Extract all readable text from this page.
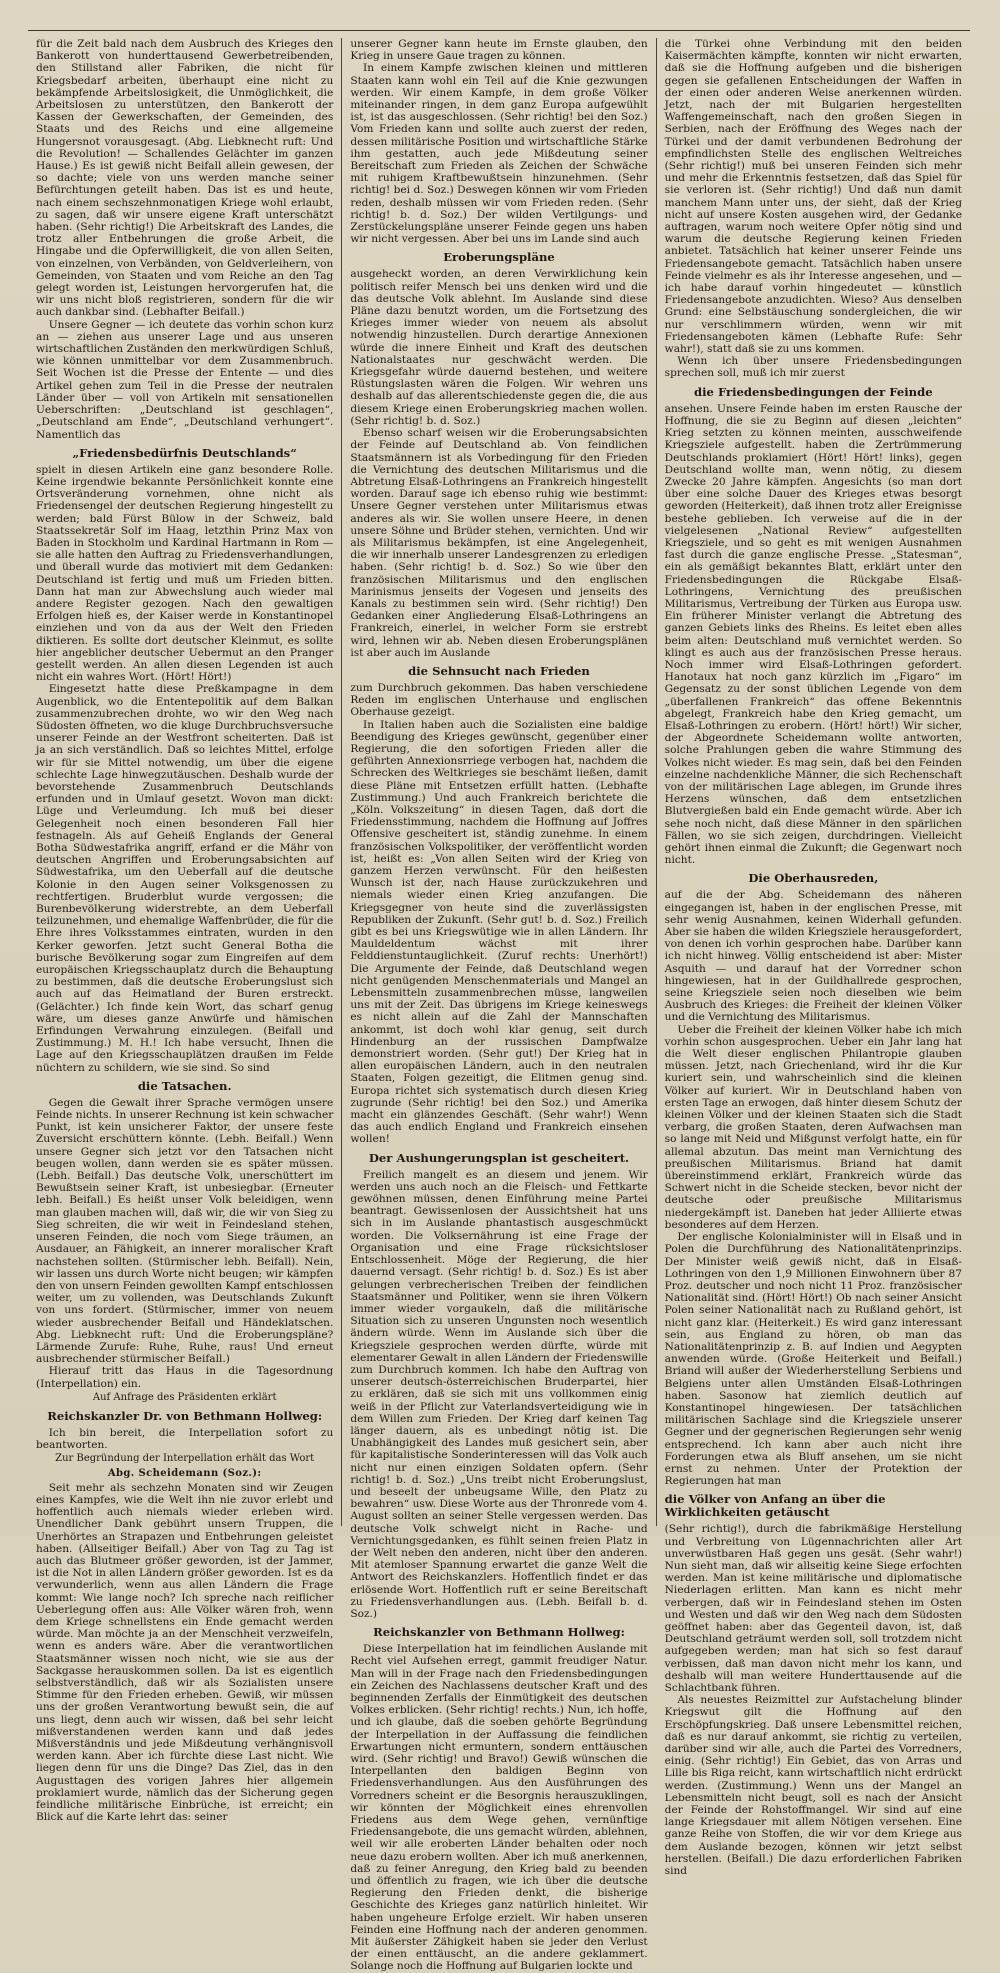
für die Zeit bald nach dem Ausbruch des Krieges den Bankerott von hunderttausend Gewerbetreibenden, den Stillstand aller Fabriken, die nicht für Kriegsbedarf arbeiten, überhaupt eine nicht zu bekämpfende Arbeitslosigkeit, die Unmöglichkeit, die Arbeitslosen zu unterstützen, den Bankerott der Kassen der Gewerkschaften, der Gemeinden, des Staats und des Reichs und eine allgemeine Hungersnot vorausgesagt. (Abg. Liebknecht ruft: Und die Revolution! — Schallendes Gelächter im ganzen Hause.) Es ist gewiß nicht Beifall allein gewesen, der so dachte; viele von uns werden manche seiner Befürchtungen geteilt haben. Das ist es und heute, nach einem sechszehnmonatigen Kriege wohl erlaubt, zu sagen, daß wir unsere eigene Kraft unterschätzt haben. (Sehr richtig!) Die Arbeitskraft des Landes, die trotz aller Entbehrungen die große Arbeit, die Hingabe und die Opferwilligkeit, die von allen Seiten, von einzelnen, von Verbänden, von Geldverleihern, von Gemeinden, von Staaten und vom Reiche an den Tag gelegt worden ist, Leistungen hervorgerufen hat, die wir uns nicht bloß registrieren, sondern für die wir auch dankbar sind. (Lebhafter Beifall.)

Unsere Gegner — ich deutete das vorhin schon kurz an — ziehen aus unserer Lage und aus unseren wirtschaftlichen Zuständen den merkwürdigen Schluß, wie können unmittelbar vor dem Zusammenbruch. Seit Wochen ist die Presse der Entente — und dies Artikel gehen zum Teil in die Presse der neutralen Länder über — voll von Artikeln mit sensationellen Ueberschriften: „Deutschland ist geschlagen“, „Deutschland am Ende“, „Deutschland verhungert“. Namentlich das

„Friedensbedürfnis Deutschlands“

spielt in diesen Artikeln eine ganz besondere Rolle. Keine irgendwie bekannte Persönlichkeit konnte eine Ortsveränderung vornehmen, ohne nicht als Friedensengel der deutschen Regierung hingestellt zu werden; bald Fürst Bülow in der Schweiz, bald Staatssekretär Solf im Haag, letzthin Prinz Max von Baden in Stockholm und Kardinal Hartmann in Rom — sie alle hatten den Auftrag zu Friedensverhandlungen, und überall wurde das motiviert mit dem Gedanken: Deutschland ist fertig und muß um Frieden bitten. Dann hat man zur Abwechslung auch wieder mal andere Register gezogen. Nach den gewaltigen Erfolgen hieß es, der Kaiser werde in Konstantinopel einziehen und von da aus der Welt den Frieden diktieren. Es sollte dort deutscher Kleinmut, es sollte hier angeblicher deutscher Uebermut an den Pranger gestellt werden. An allen diesen Legenden ist auch nicht ein wahres Wort. (Hört! Hört!)

Eingesetzt hatte diese Preßkampagne in dem Augenblick, wo die Ententepolitik auf dem Balkan zusammenzubrechen drohte, wo wir den Weg nach Südosten öffneten, wo die kluge Durchbruchsversuche unserer Feinde an der Westfront scheiterten. Daß ist ja an sich verständlich. Daß so leichtes Mittel, erfolge wir für sie Mittel notwendig, um über die eigene schlechte Lage hinwegzutäuschen. Deshalb wurde der bevorstehende Zusammenbruch Deutschlands erfunden und in Umlauf gesetzt. Wovon man dickt: Lüge und Verleumdung. Ich muß bei dieser Gelegenheit noch einen besonderen Fall hier festnageln. Als auf Geheiß Englands der General Botha Südwestafrika angriff, erfand er die Mähr von deutschen Angriffen und Eroberungsabsichten auf Südwestafrika, um den Ueberfall auf die deutsche Kolonie in den Augen seiner Volksgenossen zu rechtfertigen. Bruderblut wurde vergossen; die Burenbevölkerung widerstrebte, an dem Ueberfall teilzunehmen, und ehemalige Waffenbrüder, die für die Ehre ihres Volksstammes eintraten, wurden in den Kerker geworfen. Jetzt sucht General Botha die burische Bevölkerung sogar zum Eingreifen auf dem europäischen Kriegsschauplatz durch die Behauptung zu bestimmen, daß die deutsche Eroberungslust sich auch auf das Heimatland der Buren erstreckt. (Gelächter.) Ich finde kein Wort, das scharf genug wäre, um dieses ganze Anwürfe und hämischen Erfindungen Verwahrung einzulegen. (Beifall und Zustimmung.) M. H.! Ich habe versucht, Ihnen die Lage auf den Kriegsschauplätzen draußen im Felde nüchtern zu schildern, wie sie sind. So sind

die Tatsachen.

Gegen die Gewalt ihrer Sprache vermögen unsere Feinde nichts. In unserer Rechnung ist kein schwacher Punkt, ist kein unsicherer Faktor, der unsere feste Zuversicht erschüttern könnte. (Lebh. Beifall.) Wenn unsere Gegner sich jetzt vor den Tatsachen nicht beugen wollen, dann werden sie es später müssen. (Lebh. Beifall.) Das deutsche Volk, unerschüttert im Bewußtsein seiner Kraft, ist unbesiegbar. (Erneuter lebh. Beifall.) Es heißt unser Volk beleidigen, wenn man glauben machen will, daß wir, die wir von Sieg zu Sieg schreiten, die wir weit in Feindesland stehen, unseren Feinden, die noch vom Siege träumen, an Ausdauer, an Fähigkeit, an innerer moralischer Kraft nachstehen sollten. (Stürmischer lebh. Beifall). Nein, wir lassen uns durch Worte nicht beugen; wir kämpfen den von unsern Feinden gewollten Kampf entschlossen weiter, um zu vollenden, was Deutschlands Zukunft von uns fordert. (Stürmischer, immer von neuem wieder ausbrechender Beifall und Händeklatschen. Abg. Liebknecht ruft: Und die Eroberungspläne? Lärmende Zurufe: Ruhe, Ruhe, raus! Und erneut ausbrechender stürmischer Beifall.)

Hierauf tritt das Haus in die Tagesordnung (Interpellation) ein.

Auf Anfrage des Präsidenten erklärt
Reichskanzler Dr. von Bethmann Hollweg:

Ich bin bereit, die Interpellation sofort zu beantworten.

Zur Begründung der Interpellation erhält das Wort
Abg. Scheidemann (Soz.):

Seit mehr als sechzehn Monaten sind wir Zeugen eines Kampfes, wie die Welt ihn nie zuvor erlebt und hoffentlich auch niemals wieder erleben wird. Unendlicher Dank gebührt unsern Truppen, die Unerhörtes an Strapazen und Entbehrungen geleistet haben. (Allseitiger Beifall.) Aber von Tag zu Tag ist auch das Blutmeer größer geworden, ist der Jammer, ist die Not in allen Ländern größer geworden. Ist es da verwunderlich, wenn aus allen Ländern die Frage kommt: Wie lange noch? Ich spreche nach reiflicher Ueberlegung offen aus: Alle Völker wären froh, wenn dem Kriege schnellstens ein Ende gemacht werden würde. Man möchte ja an der Menschheit verzweifeln, wenn es anders wäre. Aber die verantwortlichen Staatsmänner wissen noch nicht, wie sie aus der Sackgasse herauskommen sollen. Da ist es eigentlich selbstverständlich, daß wir als Sozialisten unsere Stimme für den Frieden erheben. Gewiß, wir müssen uns der großen Verantwortung bewußt sein, die auf uns liegt, denn auch wir wissen, daß bei sehr leicht mißverstandenen werden kann und daß jedes Mißverständnis und jede Mißdeutung verhängnisvoll werden kann. Aber ich fürchte diese Last nicht. Wie liegen denn für uns die Dinge? Das Ziel, das in den Augusttagen des vorigen Jahres hier allgemein proklamiert wurde, nämlich das der Sicherung gegen feindliche militärische Einbrüche, ist erreicht; ein Blick auf die Karte lehrt das: seiner

unserer Gegner kann heute im Ernste glauben, den Krieg in unsere Gaue tragen zu können.

In einem Kampfe zwischen kleinen und mittleren Staaten kann wohl ein Teil auf die Knie gezwungen werden. Wir einem Kampfe, in dem große Völker miteinander ringen, in dem ganz Europa aufgewühlt ist, ist das ausgeschlossen. (Sehr richtig! bei den Soz.) Vom Frieden kann und sollte auch zuerst der reden, dessen militärische Position und wirtschaftliche Stärke ihm gestatten, auch jede Mißdeutung seiner Bereitschaft zum Frieden als Zeichen der Schwäche mit ruhigem Kraftbewußtsein hinzunehmen. (Sehr richtig! bei d. Soz.) Deswegen können wir vom Frieden reden, deshalb müssen wir vom Frieden reden. (Sehr richtig! b. d. Soz.) Der wilden Vertilgungs- und Zerstückelungspläne unserer Feinde gegen uns haben wir nicht vergessen. Aber bei uns im Lande sind auch

Eroberungspläne

ausgeheckt worden, an deren Verwirklichung kein politisch reifer Mensch bei uns denken wird und die das deutsche Volk ablehnt. Im Auslande sind diese Pläne dazu benutzt worden, um die Fortsetzung des Krieges immer wieder von neuem als absolut notwendig hinzustellen. Durch derartige Annexionen würde die innere Einheit und Kraft des deutschen Nationalstaates nur geschwächt werden. Die Kriegsgefahr würde dauernd bestehen, und weitere Rüstungslasten wären die Folgen. Wir wehren uns deshalb auf das allerentschiedenste gegen die, die aus diesem Kriege einen Eroberungskrieg machen wollen. (Sehr richtig! b. d. Soz.)

Ebenso scharf weisen wir die Eroberungsabsichten der Feinde auf Deutschland ab. Von feindlichen Staatsmännern ist als Vorbedingung für den Frieden die Vernichtung des deutschen Militarismus und die Abtretung Elsaß-Lothringens an Frankreich hingestellt worden. Darauf sage ich ebenso ruhig wie bestimmt: Unsere Gegner verstehen unter Militarismus etwas anderes als wir. Sie wollen unsere Heere, in denen unsere Söhne und Brüder stehen, vernichten. Und wir als Militarismus bekämpfen, ist eine Angelegenheit, die wir innerhalb unserer Landesgrenzen zu erledigen haben. (Sehr richtig! b. d. Soz.) So wie über den französischen Militarismus und den englischen Marinismus jenseits der Vogesen und jenseits des Kanals zu bestimmen sein wird. (Sehr richtig!) Den Gedanken einer Angliederung Elsaß-Lothringens an Frankreich, einerlei, in welcher Form sie erstrebt wird, lehnen wir ab. Neben diesen Eroberungsplänen ist aber auch im Auslande

die Sehnsucht nach Frieden

zum Durchbruch gekommen. Das haben verschiedene Reden im englischen Unterhause und englischen Oberhause gezeigt.

In Italien haben auch die Sozialisten eine baldige Beendigung des Krieges gewünscht, gegenüber einer Regierung, die den sofortigen Frieden aller die geführten Annexionsrriege verbogen hat, nachdem die Schrecken des Weltkrieges sie beschämt ließen, damit diese Pläne mit Entsetzen erfüllt hatten. (Lebhafte Zustimmung.) Und auch Frankreich berichtete die „Köln. Volkszeitung“ in diesen Tagen, daß dort die Friedensstimmung, nachdem die Hoffnung auf Joffres Offensive gescheitert ist, ständig zunehme. In einem französischen Volkspolitiker, der veröffentlicht worden ist, heißt es: „Von allen Seiten wird der Krieg von ganzem Herzen verwünscht. Für den heißesten Wunsch ist der, nach Hause zurückzukehren und niemals wieder einen Krieg anzufangen. Die Kriegsgegner von heute sind die zuverlässigsten Republiken der Zukunft. (Sehr gut! b. d. Soz.) Freilich gibt es bei uns Kriegswütige wie in allen Ländern. Ihr Mauldeldentum wächst mit ihrer Felddienstuntauglichkeit. (Zuruf rechts: Unerhört!) Die Argumente der Feinde, daß Deutschland wegen nicht genügenden Menschenmaterials und Mangel an Lebensmitteln zusammenbrechen müsse, langweilen uns mit der Zeit. Das übrigens im Kriege keineswegs es nicht allein auf die Zahl der Mannschaften ankommt, ist doch wohl klar genug, seit durch Hindenburg an der russischen Dampfwalze demonstriert worden. (Sehr gut!) Der Krieg hat in allen europäischen Ländern, auch in den neutralen Staaten, Folgen gezeitigt, die Elitmen genug sind. Europa richtet sich systematisch durch diesen Krieg zugrunde (Sehr richtig! bei den Soz.) und Amerika macht ein glänzendes Geschäft. (Sehr wahr!) Wenn das auch endlich England und Frankreich einsehen wollen!

Der Aushungerungsplan ist gescheitert.

Freilich mangelt es an diesem und jenem. Wir werden uns auch noch an die Fleisch- und Fettkarte gewöhnen müssen, denen Einführung meine Partei beantragt. Gewissenlosen der Aussichtsheit hat uns sich in im Auslande phantastisch ausgeschmückt worden. Die Volksernährung ist eine Frage der Organisation und eine Frage rücksichtsloser Entschlossenheit. Möge der Regierung, die hier dauernd versagt. (Sehr richtig! b. d. Soz.) Es ist aber gelungen verbrecherischen Treiben der feindlichen Staatsmänner und Politiker, wenn sie ihren Völkern immer wieder vorgaukeln, daß die militärische Situation sich zu unseren Ungunsten noch wesentlich ändern würde. Wenn im Auslande sich über die Kriegsziele gesprochen werden dürfte, würde mit elementarer Gewalt in allen Ländern der Friedenswille zum Durchbruch kommen. Ich habe den Auftrag von unserer deutsch-österreichischen Bruderpartei, hier zu erklären, daß sie sich mit uns vollkommen einig weiß in der Pflicht zur Vaterlandsverteidigung wie in dem Willen zum Frieden. Der Krieg darf keinen Tag länger dauern, als es unbedingt nötig ist. Die Unabhängigkeit des Landes muß gesichert sein, aber für kapitalistische Sonderinteressen will das Volk auch nicht nur einen einzigen Soldaten opfern. (Sehr richtig! b. d. Soz.) „Uns treibt nicht Eroberungslust, und beseelt der unbeugsame Wille, den Platz zu bewahren“ usw. Diese Worte aus der Thronrede vom 4. August sollten an seiner Stelle vergessen werden. Das deutsche Volk schwelgt nicht in Rache- und Vernichtungsgedanken, es fühlt seinen freien Platz in der Welt neben den anderen, nicht über den anderen. Mit atemloser Spannung erwartet die ganze Welt die Antwort des Reichskanzlers. Hoffentlich findet er das erlösende Wort. Hoffentlich ruft er seine Bereitschaft zu Friedensverhandlungen aus. (Lebh. Beifall b. d. Soz.)

Reichskanzler von Bethmann Hollweg:

Diese Interpellation hat im feindlichen Auslande mit Recht viel Aufsehen erregt, gammit freudiger Natur. Man will in der Frage nach den Friedensbedingungen ein Zeichen des Nachlassens deutscher Kraft und des beginnenden Zerfalls der Einmütigkeit des deutschen Volkes erblicken. (Sehr richtig! rechts.) Nun, ich hoffe, und ich glaube, daß die soeben gehörte Begründung der Interpellation in der Auffassung die feindlichen Erwartungen nicht ermuntern, sondern enttäuschen wird. (Sehr richtig! und Bravo!) Gewiß wünschen die Interpellanten den baldigen Beginn von Friedensverhandlungen. Aus den Ausführungen des Vorredners scheint er die Besorgnis herauszuklingen, wir könnten der Möglichkeit eines ehrenvollen Friedens aus dem Wege gehen, vernünftige Friedensangebote, die uns gemacht würden, ablehnen, weil wir alle eroberten Länder behalten oder noch neue dazu erobern wollten. Aber ich muß anerkennen, daß zu feiner Anregung, den Krieg bald zu beenden und öffentlich zu fragen, wie ich über die deutsche Regierung den Frieden denkt, die bisherige Geschichte des Krieges ganz natürlich hinleitet. Wir haben ungeheure Erfolge erzielt. Wir haben unseren Feinden eine Hoffnung nach der anderen genommen. Mit äußerster Zähigkeit haben sie jeder den Verlust der einen enttäuscht, an die andere geklammert. Solange noch die Hoffnung auf Bulgarien lockte und

die Türkei ohne Verbindung mit den beiden Kaisermächten kämpfte, konnten wir nicht erwarten, daß sie die Hoffnung aufgeben und die bisherigen gegen sie gefallenen Entscheidungen der Waffen in der einen oder anderen Weise anerkennen würden. Jetzt, nach der mit Bulgarien hergestellten Waffengemeinschaft, nach den großen Siegen in Serbien, nach der Eröffnung des Weges nach der Türkei und der damit verbundenen Bedrohung der empfindlichsten Stelle des englischen Weltreiches (Sehr richtig!) muß bei unseren Feinden sich mehr und mehr die Erkenntnis festsetzen, daß das Spiel für sie verloren ist. (Sehr richtig!) Und daß nun damit manchem Mann unter uns, der sieht, daß der Krieg nicht auf unsere Kosten ausgehen wird, der Gedanke auftragen, warum noch weitere Opfer nötig sind und warum die deutsche Regierung keinen Frieden anbietet. Tatsächlich hat keiner unserer Feinde uns Friedensangebote gemacht. Tatsächlich haben unsere Feinde vielmehr es als ihr Interesse angesehen, und — ich habe darauf vorhin hingedeutet — künstlich Friedensangebote anzudichten. Wieso? Aus denselben Grund: eine Selbstäuschung sondergleichen, die wir nur verschlimmern würden, wenn wir mit Friedensangeboten kämen (Lebhafte Rufe: Sehr wahr!), statt daß sie zu uns kommen.

Wenn ich über unsere Friedensbedingungen sprechen soll, muß ich mir zuerst

die Friedensbedingungen der Feinde

ansehen. Unsere Feinde haben im ersten Rausche der Hoffnung, die sie zu Beginn auf diesen „leichten“ Krieg setzten zu können meinten, ausschweifende Kriegsziele aufgestellt. haben die Zertrümmerung Deutschlands proklamiert (Hört! Hört! links), gegen Deutschland wollte man, wenn nötig, zu diesem Zwecke 20 Jahre kämpfen. Angesichts (so man dort über eine solche Dauer des Krieges etwas besorgt geworden (Heiterkeit), daß ihnen trotz aller Ereignisse bestehe geblieben. Ich verweise auf die in der vielgelesenen „National Review“ aufgestellten Kriegsziele, und so geht es mit wenigen Ausnahmen fast durch die ganze englische Presse. „Statesman“, ein als gemäßigt bekanntes Blatt, erklärt unter den Friedensbedingungen die Rückgabe Elsaß-Lothringens, Vernichtung des preußischen Militarismus, Vertreibung der Türken aus Europa usw. Ein früherer Minister verlangt die Abtretung des ganzen Gebiets links des Rheins. Es leitet eben alles beim alten: Deutschland muß vernichtet werden. So klingt es auch aus der französischen Presse heraus. Noch immer wird Elsaß-Lothringen gefordert. Hanotaux hat noch ganz kürzlich im „Figaro“ im Gegensatz zu der sonst üblichen Legende von dem „überfallenen Frankreich“ das offene Bekenntnis abgelegt, Frankreich habe den Krieg gemacht, um Elsaß-Lothringen zu erobern. (Hört! hört!) Wir sicher, der Abgeordnete Scheidemann wollte antworten, solche Prahlungen geben die wahre Stimmung des Volkes nicht wieder. Es mag sein, daß bei den Feinden einzelne nachdenkliche Männer, die sich Rechenschaft von der militärischen Lage ablegen, im Grunde ihres Herzens wünschen, daß dem entsetzlichen Blutvergießen bald ein Ende gemacht würde. Aber ich sehe noch nicht, daß diese Männer in den spärlichen Fällen, wo sie sich zeigen, durchdringen. Vielleicht gehört ihnen einmal die Zukunft; die Gegenwart noch nicht.

Die Oberhausreden,

auf die der Abg. Scheidemann des näheren eingegangen ist, haben in der englischen Presse, mit sehr wenig Ausnahmen, keinen Widerhall gefunden. Aber sie haben die wilden Kriegsziele herausgefordert, von denen ich vorhin gesprochen habe. Darüber kann ich nicht hinweg. Völlig entscheidend ist aber: Mister Asquith — und darauf hat der Vorredner schon hingewiesen, hat in der Guildhallrede gesprochen, seine Kriegsziele seien noch dieselben wie beim Ausbruch des Krieges: die Freiheit der kleinen Völker und die Vernichtung des Militarismus.

Ueber die Freiheit der kleinen Völker habe ich mich vorhin schon ausgesprochen. Ueber ein Jahr lang hat die Welt dieser englischen Philantropie glauben müssen. Jetzt, nach Griechenland, wird ihr die Kur kuriert sein, und wahrscheinlich sind die kleinen Völker auf kuriert. Wir in Deutschland haben von ersten Tage an erwogen, daß hinter diesem Schutz der kleinen Völker und der kleinen Staaten sich die Stadt verbarg, die großen Staaten, deren Aufwachsen man so lange mit Neid und Mißgunst verfolgt hatte, ein für allemal abzutun. Das meint man Vernichtung des preußischen Militarismus. Briand hat damit übereinstimmend erklärt, Frankreich würde das Schwert nicht in die Scheide stecken, bevor nicht der deutsche oder preußische Militarismus niedergekämpft ist. Daneben hat jeder Alliierte etwas besonderes auf dem Herzen.

Der englische Kolonialminister will in Elsaß und in Polen die Durchführung des Nationalitätenprinzips. Der Minister weiß gewiß nicht, daß in Elsaß-Lothringen von den 1,9 Millionen Einwohnern über 87 Proz. deutscher und noch nicht 11 Proz. französischer Nationalität sind. (Hört! Hört!) Ob nach seiner Ansicht Polen seiner Nationalität nach zu Rußland gehört, ist nicht ganz klar. (Heiterkeit.) Es wird ganz interessant sein, aus England zu hören, ob man das Nationalitätenprinzip z. B. auf Indien und Aegypten anwenden würde. (Große Heiterkeit und Beifall.) Briand will außer der Wiederherstellung Serbiens und Belgiens unter allen Umständen Elsaß-Lothringen haben. Sasonow hat ziemlich deutlich auf Konstantinopel hingewiesen. Der tatsächlichen militärischen Sachlage sind die Kriegsziele unserer Gegner und der gegnerischen Regierungen sehr wenig entsprechend. Ich kann aber auch nicht ihre Forderungen etwa als Bluff ansehen, um sie nicht ernst zu nehmen. Unter der Protektion der Regierungen hat man

die Völker von Anfang an über die Wirklichkeiten getäuscht

(Sehr richtig!), durch die fabrikmäßige Herstellung und Verbreitung von Lügennachrichten aller Art unverwüstbaren Haß gegen uns gesät. (Sehr wahr!) Nun sieht man, daß wir allseitig keine Siege erfochten werden. Man ist keine militärische und diplomatische Niederlagen erlitten. Man kann es nicht mehr verbergen, daß wir in Feindesland stehen im Osten und Westen und daß wir den Weg nach dem Südosten geöffnet haben: aber das Gegenteil davon, ist, daß Deutschland geträumt werden soll, soll trotzdem nicht aufgegeben werden; man hat sich so fest darauf verbissen, daß man davon nicht mehr los kann, und deshalb will man weitere Hunderttausende auf die Schlachtbank führen.

Als neuestes Reizmittel zur Aufstachelung blinder Kriegswut gilt die Hoffnung auf den Erschöpfungskrieg. Daß unsere Lebensmittel reichen, daß es nur darauf ankommt, sie richtig zu verteilen, darüber sind wir alle, auch die Partei des Vorredners, einig. (Sehr richtig!) Ein Gebiet, das von Arras und Lille bis Riga reicht, kann wirtschaftlich nicht erdrückt werden. (Zustimmung.) Wenn uns der Mangel an Lebensmitteln nicht beugt, soll es nach der Ansicht der Feinde der Rohstoffmangel. Wir sind auf eine lange Kriegsdauer mit allem Nötigen versehen. Eine ganze Reihe von Stoffen, die wir vor dem Kriege aus dem Auslande bezogen, können wir jetzt selbst herstellen. (Beifall.) Die dazu erforderlichen Fabriken sind
